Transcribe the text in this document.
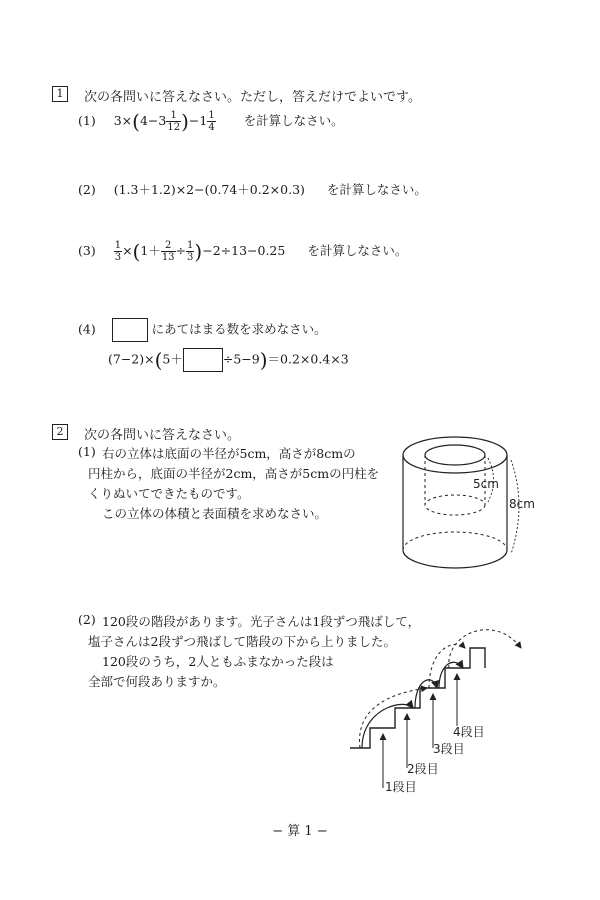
1	次の各問いに答えなさい。ただし，答えだけでよいです。
(1) $3\times(4-3 \frac{1}{12} )-1 \frac{1}{4}$ を計算しなさい。
(2) (1.3＋1.2)×2−(0.74＋0.2×0.3) を計算しなさい。
$(3) \frac{1}{3} \times(1+ \frac{2}{13} \div \frac{1}{3} )-2\div 13-0.25$ を計算しなさい。
(4)	にあてはまる数を求めなさい。
(7−2)×(5＋	÷5−9)＝0.2×0.4×3
2	次の各問いに答えなさい。
(1) 右の立体は底面の半径が5cm，高さが8cmの
円柱から，底面の半径が2cm，高さが5cmの円柱を
くりぬいてできたものです。
この立体の体積と表面積を求めなさい。
5cm
8cm
(2) 120段の階段があります。光子さんは1段ずつ飛ばして，
塩子さんは2段ずつ飛ばして階段の下から上りました。
120段のうち，2人ともふまなかった段は
全部で何段ありますか。
1段目
2段目
3段目
4段目
− 算 1 −
